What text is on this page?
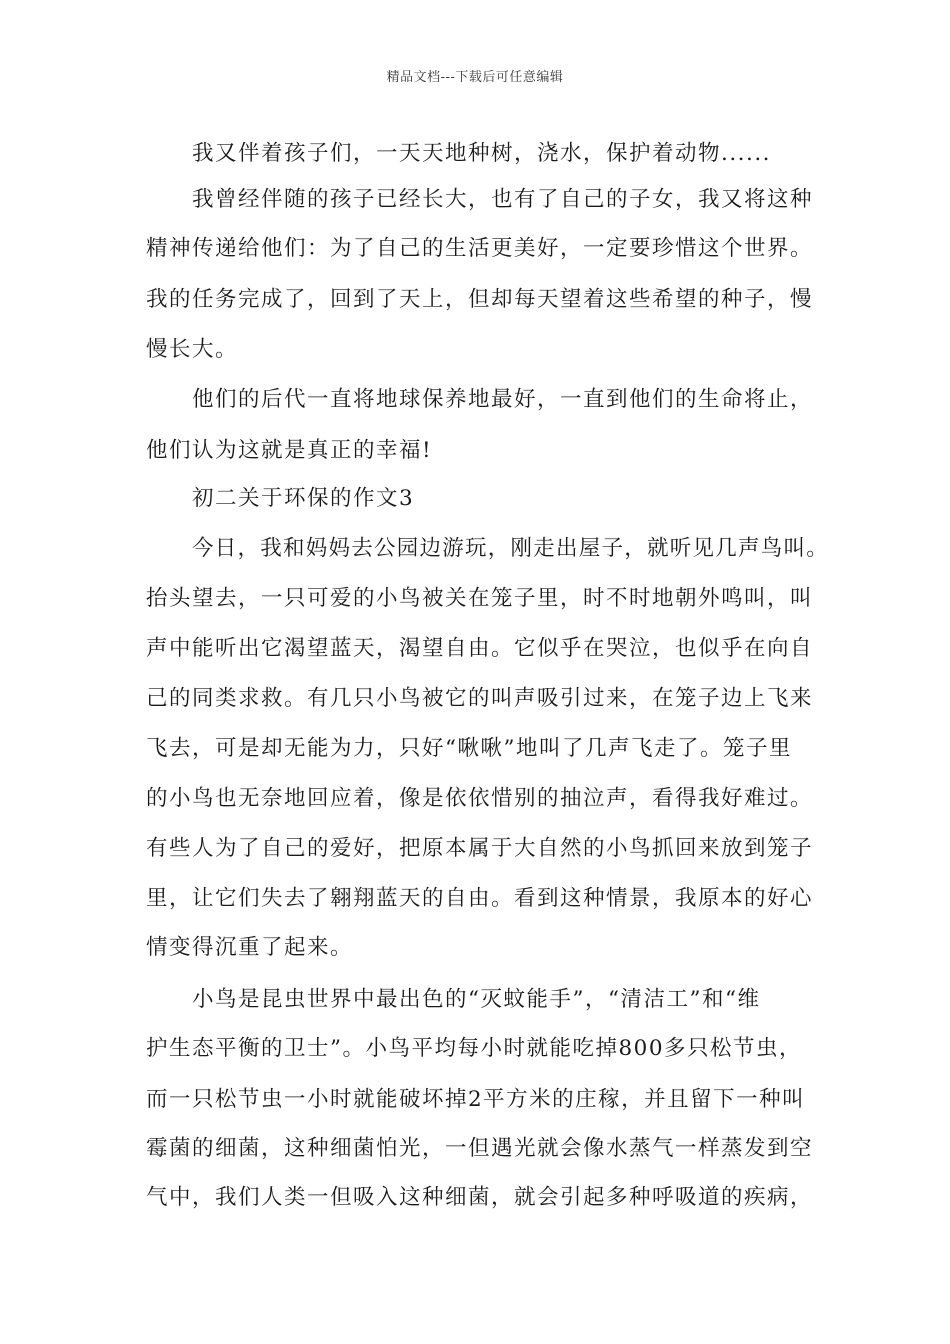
精品文档---下载后可任意编辑
我又伴着孩子们，一天天地种树，浇水，保护着动物......
我曾经伴随的孩子已经长大，也有了自己的子女，我又将这种
精神传递给他们：为了自己的生活更美好，一定要珍惜这个世界。
我的任务完成了，回到了天上，但却每天望着这些希望的种子，慢
慢长大。
他们的后代一直将地球保养地最好，一直到他们的生命将止，
他们认为这就是真正的幸福!
初二关于环保的作文3
今日，我和妈妈去公园边游玩，刚走出屋子，就听见几声鸟叫。
抬头望去，一只可爱的小鸟被关在笼子里，时不时地朝外鸣叫，叫
声中能听出它渴望蓝天，渴望自由。它似乎在哭泣，也似乎在向自
己的同类求救。有几只小鸟被它的叫声吸引过来，在笼子边上飞来
飞去，可是却无能为力，只好“啾啾”地叫了几声飞走了。笼子里
的小鸟也无奈地回应着，像是依依惜别的抽泣声，看得我好难过。
有些人为了自己的爱好，把原本属于大自然的小鸟抓回来放到笼子
里，让它们失去了翱翔蓝天的自由。看到这种情景，我原本的好心
情变得沉重了起来。
小鸟是昆虫世界中最出色的“灭蚊能手”，“清洁工”和“维
护生态平衡的卫士”。小鸟平均每小时就能吃掉800多只松节虫，
而一只松节虫一小时就能破坏掉2平方米的庄稼，并且留下一种叫
霉菌的细菌，这种细菌怕光，一但遇光就会像水蒸气一样蒸发到空
气中，我们人类一但吸入这种细菌，就会引起多种呼吸道的疾病，
